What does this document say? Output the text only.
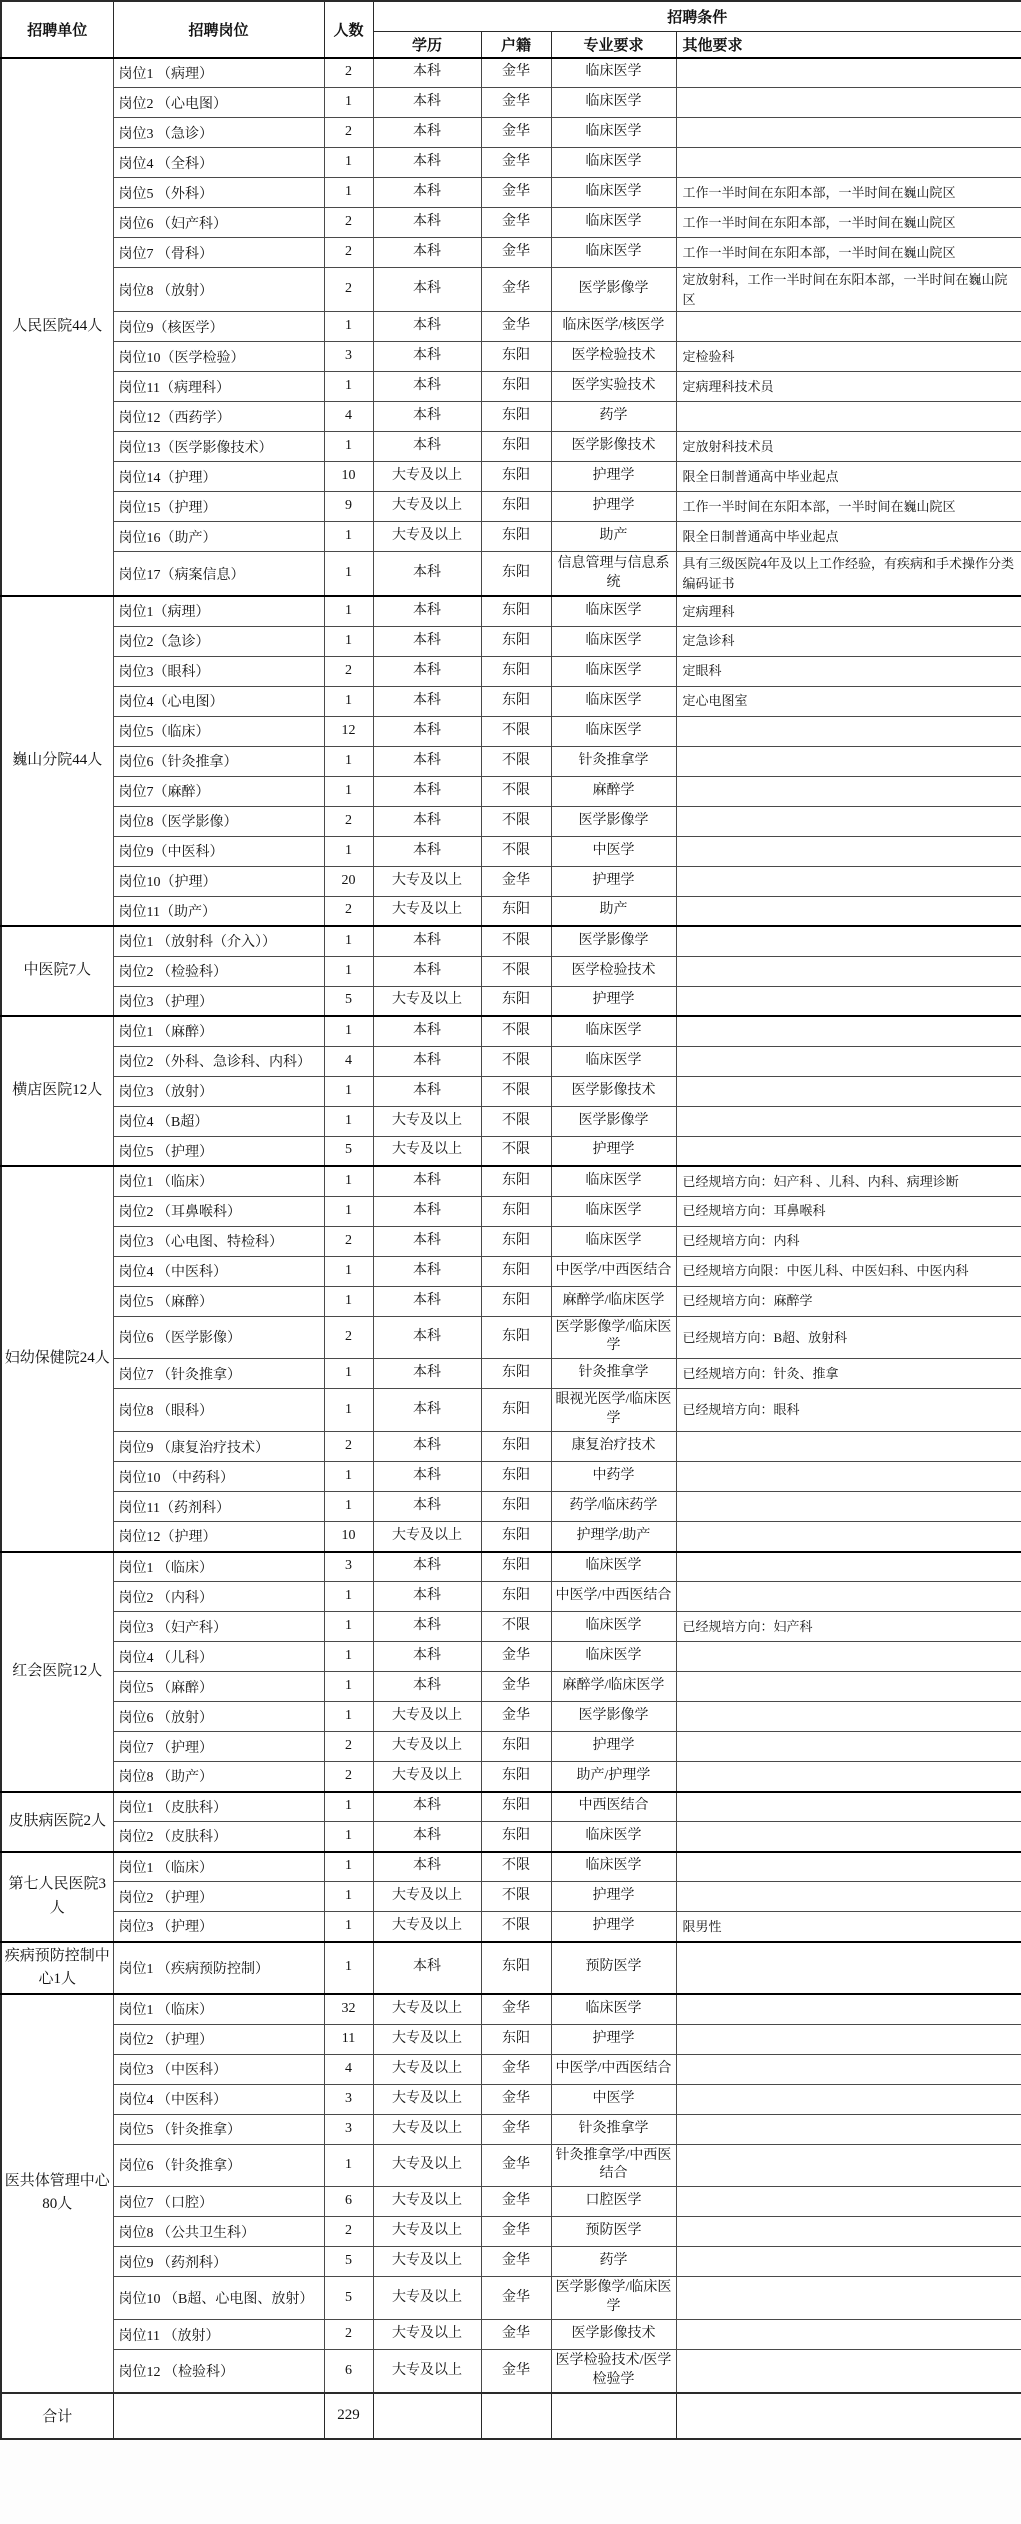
招聘单位	招聘岗位	人数	招聘条件			
			学历	户籍	专业要求	其他要求
人民医院44人	岗位1 （病理）	2	本科	金华	临床医学	
	岗位2 （心电图）	1	本科	金华	临床医学	
	岗位3 （急诊）	2	本科	金华	临床医学	
	岗位4 （全科）	1	本科	金华	临床医学	
	岗位5 （外科）	1	本科	金华	临床医学	工作一半时间在东阳本部，一半时间在巍山院区
	岗位6 （妇产科）	2	本科	金华	临床医学	工作一半时间在东阳本部，一半时间在巍山院区
	岗位7 （骨科）	2	本科	金华	临床医学	工作一半时间在东阳本部，一半时间在巍山院区
	岗位8 （放射）	2	本科	金华	医学影像学	定放射科，工作一半时间在东阳本部，一半时间在巍山院区
	岗位9（核医学）	1	本科	金华	临床医学/核医学	
	岗位10（医学检验）	3	本科	东阳	医学检验技术	定检验科
	岗位11（病理科）	1	本科	东阳	医学实验技术	定病理科技术员
	岗位12（西药学）	4	本科	东阳	药学	
	岗位13（医学影像技术）	1	本科	东阳	医学影像技术	定放射科技术员
	岗位14（护理）	10	大专及以上	东阳	护理学	限全日制普通高中毕业起点
	岗位15（护理）	9	大专及以上	东阳	护理学	工作一半时间在东阳本部，一半时间在巍山院区
	岗位16（助产）	1	大专及以上	东阳	助产	限全日制普通高中毕业起点
	岗位17（病案信息）	1	本科	东阳	信息管理与信息系统	具有三级医院4年及以上工作经验，有疾病和手术操作分类编码证书
巍山分院44人	岗位1（病理）	1	本科	东阳	临床医学	定病理科
	岗位2（急诊）	1	本科	东阳	临床医学	定急诊科
	岗位3（眼科）	2	本科	东阳	临床医学	定眼科
	岗位4（心电图）	1	本科	东阳	临床医学	定心电图室
	岗位5（临床）	12	本科	不限	临床医学	
	岗位6（针灸推拿）	1	本科	不限	针灸推拿学	
	岗位7（麻醉）	1	本科	不限	麻醉学	
	岗位8（医学影像）	2	本科	不限	医学影像学	
	岗位9（中医科）	1	本科	不限	中医学	
	岗位10（护理）	20	大专及以上	金华	护理学	
	岗位11（助产）	2	大专及以上	东阳	助产	
中医院7人	岗位1 （放射科（介入））	1	本科	不限	医学影像学	
	岗位2 （检验科）	1	本科	不限	医学检验技术	
	岗位3 （护理）	5	大专及以上	东阳	护理学	
横店医院12人	岗位1 （麻醉）	1	本科	不限	临床医学	
	岗位2 （外科、急诊科、内科）	4	本科	不限	临床医学	
	岗位3 （放射）	1	本科	不限	医学影像技术	
	岗位4 （B超）	1	大专及以上	不限	医学影像学	
	岗位5 （护理）	5	大专及以上	不限	护理学	
妇幼保健院24人	岗位1 （临床）	1	本科	东阳	临床医学	已经规培方向：妇产科 、儿科、内科、病理诊断
	岗位2 （耳鼻喉科）	1	本科	东阳	临床医学	已经规培方向：耳鼻喉科
	岗位3 （心电图、特检科）	2	本科	东阳	临床医学	已经规培方向：内科
	岗位4 （中医科）	1	本科	东阳	中医学/中西医结合	已经规培方向限：中医儿科、中医妇科、中医内科
	岗位5 （麻醉）	1	本科	东阳	麻醉学/临床医学	已经规培方向：麻醉学
	岗位6 （医学影像）	2	本科	东阳	医学影像学/临床医学	已经规培方向：B超、放射科
	岗位7 （针灸推拿）	1	本科	东阳	针灸推拿学	已经规培方向：针灸、推拿
	岗位8 （眼科）	1	本科	东阳	眼视光医学/临床医学	已经规培方向：眼科
	岗位9 （康复治疗技术）	2	本科	东阳	康复治疗技术	
	岗位10 （中药科）	1	本科	东阳	中药学	
	岗位11（药剂科）	1	本科	东阳	药学/临床药学	
	岗位12（护理）	10	大专及以上	东阳	护理学/助产	
红会医院12人	岗位1 （临床）	3	本科	东阳	临床医学	
	岗位2 （内科）	1	本科	东阳	中医学/中西医结合	
	岗位3 （妇产科）	1	本科	不限	临床医学	已经规培方向：妇产科
	岗位4 （儿科）	1	本科	金华	临床医学	
	岗位5 （麻醉）	1	本科	金华	麻醉学/临床医学	
	岗位6 （放射）	1	大专及以上	金华	医学影像学	
	岗位7 （护理）	2	大专及以上	东阳	护理学	
	岗位8 （助产）	2	大专及以上	东阳	助产/护理学	
皮肤病医院2人	岗位1 （皮肤科）	1	本科	东阳	中西医结合	
	岗位2 （皮肤科）	1	本科	东阳	临床医学	
第七人民医院3人	岗位1 （临床）	1	本科	不限	临床医学	
	岗位2 （护理）	1	大专及以上	不限	护理学	
	岗位3 （护理）	1	大专及以上	不限	护理学	限男性
疾病预防控制中心1人	岗位1 （疾病预防控制）	1	本科	东阳	预防医学	
医共体管理中心80人	岗位1 （临床）	32	大专及以上	金华	临床医学	
	岗位2 （护理）	11	大专及以上	东阳	护理学	
	岗位3 （中医科）	4	大专及以上	金华	中医学/中西医结合	
	岗位4 （中医科）	3	大专及以上	金华	中医学	
	岗位5 （针灸推拿）	3	大专及以上	金华	针灸推拿学	
	岗位6 （针灸推拿）	1	大专及以上	金华	针灸推拿学/中西医结合	
	岗位7 （口腔）	6	大专及以上	金华	口腔医学	
	岗位8 （公共卫生科）	2	大专及以上	金华	预防医学	
	岗位9 （药剂科）	5	大专及以上	金华	药学	
	岗位10 （B超、心电图、放射）	5	大专及以上	金华	医学影像学/临床医学	
	岗位11 （放射）	2	大专及以上	金华	医学影像技术	
	岗位12 （检验科）	6	大专及以上	金华	医学检验技术/医学检验学	
合计		229				
